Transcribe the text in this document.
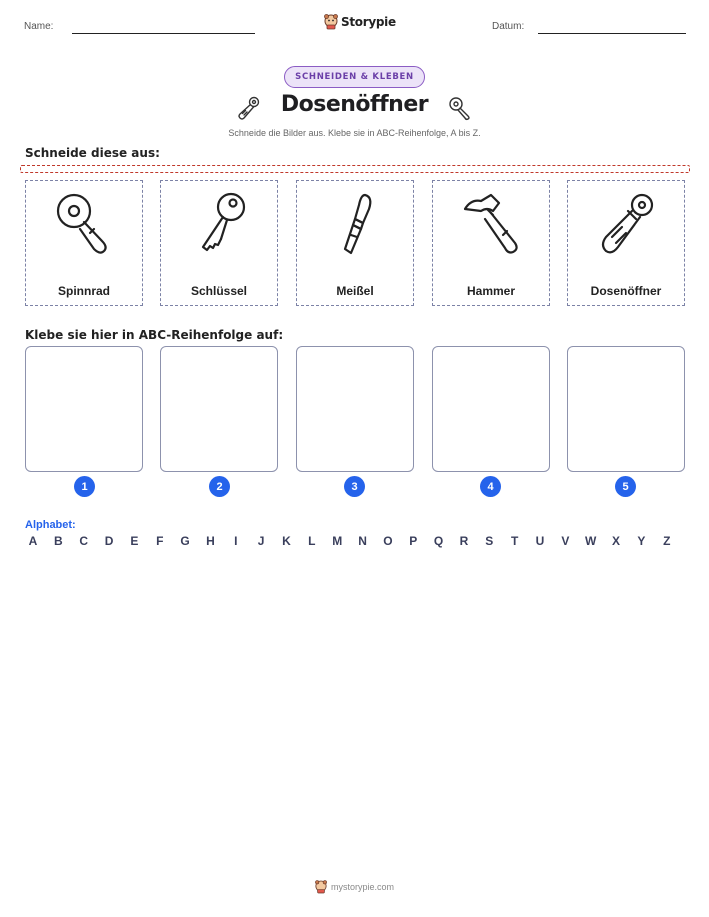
Name:	Storypie	Datum:
SCHNEIDEN & KLEBEN
Dosenöffner
Schneide die Bilder aus. Klebe sie in ABC-Reihenfolge, A bis Z.
Schneide diese aus:
Spinnrad	Schlüssel	Meißel	Hammer	Dosenöffner
Klebe sie hier in ABC-Reihenfolge auf:
1	2	3	4	5
Alphabet:
A	B	C	D	E	F	G	H	I	J	K	L	M	N	O	P	Q	R	S	T	U	V	W	X	Y	Z
mystorypie.com
